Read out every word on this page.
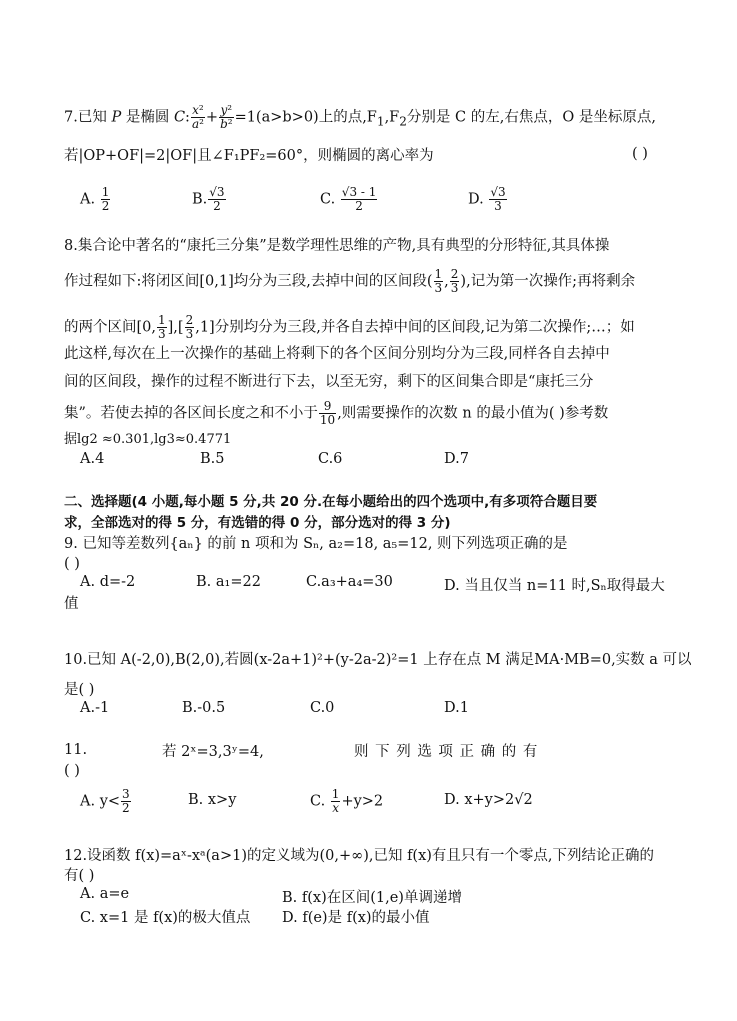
7.已知 P 是椭圆 C: $\frac{\text{x²}}{\text{a²}} + \frac{\text{y²}}{\text{b²}} =1(a>b>0)$上的点$,F_1,F_2$分别是 C 的左,右焦点，O 是坐标原点,
若|OP+OF|=2|OF|且∠F₁PF₂=60°，则椭圆的离心率为	( )
A. $\frac{1}{2}$	B. $\frac{√3}{2}$	C. $\frac{√3 - 1}{2}$	D. $\frac{√3}{3}$
8.集合论中著名的“康托三分集”是数学理性思维的产物,具有典型的分形特征,其具体操
作过程如下:将闭区间[0,1]均分为三段,去掉中间的区间段( $\frac{1}{3}$ , $\frac{2}{3}$ ),记为第一次操作;再将剩余
的两个区间[0, $\frac{1}{3}$ ],[ $\frac{2}{3} ,1$]分别均分为三段,并各自去掉中间的区间段,记为第二次操作;…；如
此这样,每次在上一次操作的基础上将剩下的各个区间分别均分为三段,同样各自去掉中
间的区间段，操作的过程不断进行下去，以至无穷，剩下的区间集合即是“康托三分
集”。若使去掉的各区间长度之和不小于 $\frac{9}{10}$ ,则需要操作的次数 n 的最小值为( )参考数
据lg2 ≈0.301,lg3≈0.4771
A.4	B.5	C.6	D.7
二、选择题(4 小题,每小题 5 分,共 20 分.在每小题给出的四个选项中,有多项符合题目要
求，全部选对的得 5 分，有选错的得 0 分，部分选对的得 3 分)
9. 已知等差数列{aₙ} 的前 n 项和为 Sₙ, a₂=18, a₅=12, 则下列选项正确的是
( )
A. d=-2	B. a₁=22	C.a₃+a₄=30	D. 当且仅当 n=11 时,Sₙ取得最大
值
10.已知 A(-2,0),B(2,0),若圆(x-2a+1)²+(y-2a-2)²=1 上存在点 M 满足MA·MB=0,实数 a 可以
是( )
A.-1	B.-0.5	C.0	D.1
11.	若 2ˣ=3,3ʸ=4,	则 下 列 选 项 正 确 的 有
( )
A. $y< \frac{3}{2}$	B. x>y	C. $\frac{1}{x} +y>2$	D. x+y>2√2
12.设函数 f(x)=aˣ-xᵃ(a>1)的定义域为(0,+∞),已知 f(x)有且只有一个零点,下列结论正确的
有( )
A. a=e	B. f(x)在区间(1,e)单调递增
C. x=1 是 f(x)的极大值点 D. f(e)是 f(x)的最小值
